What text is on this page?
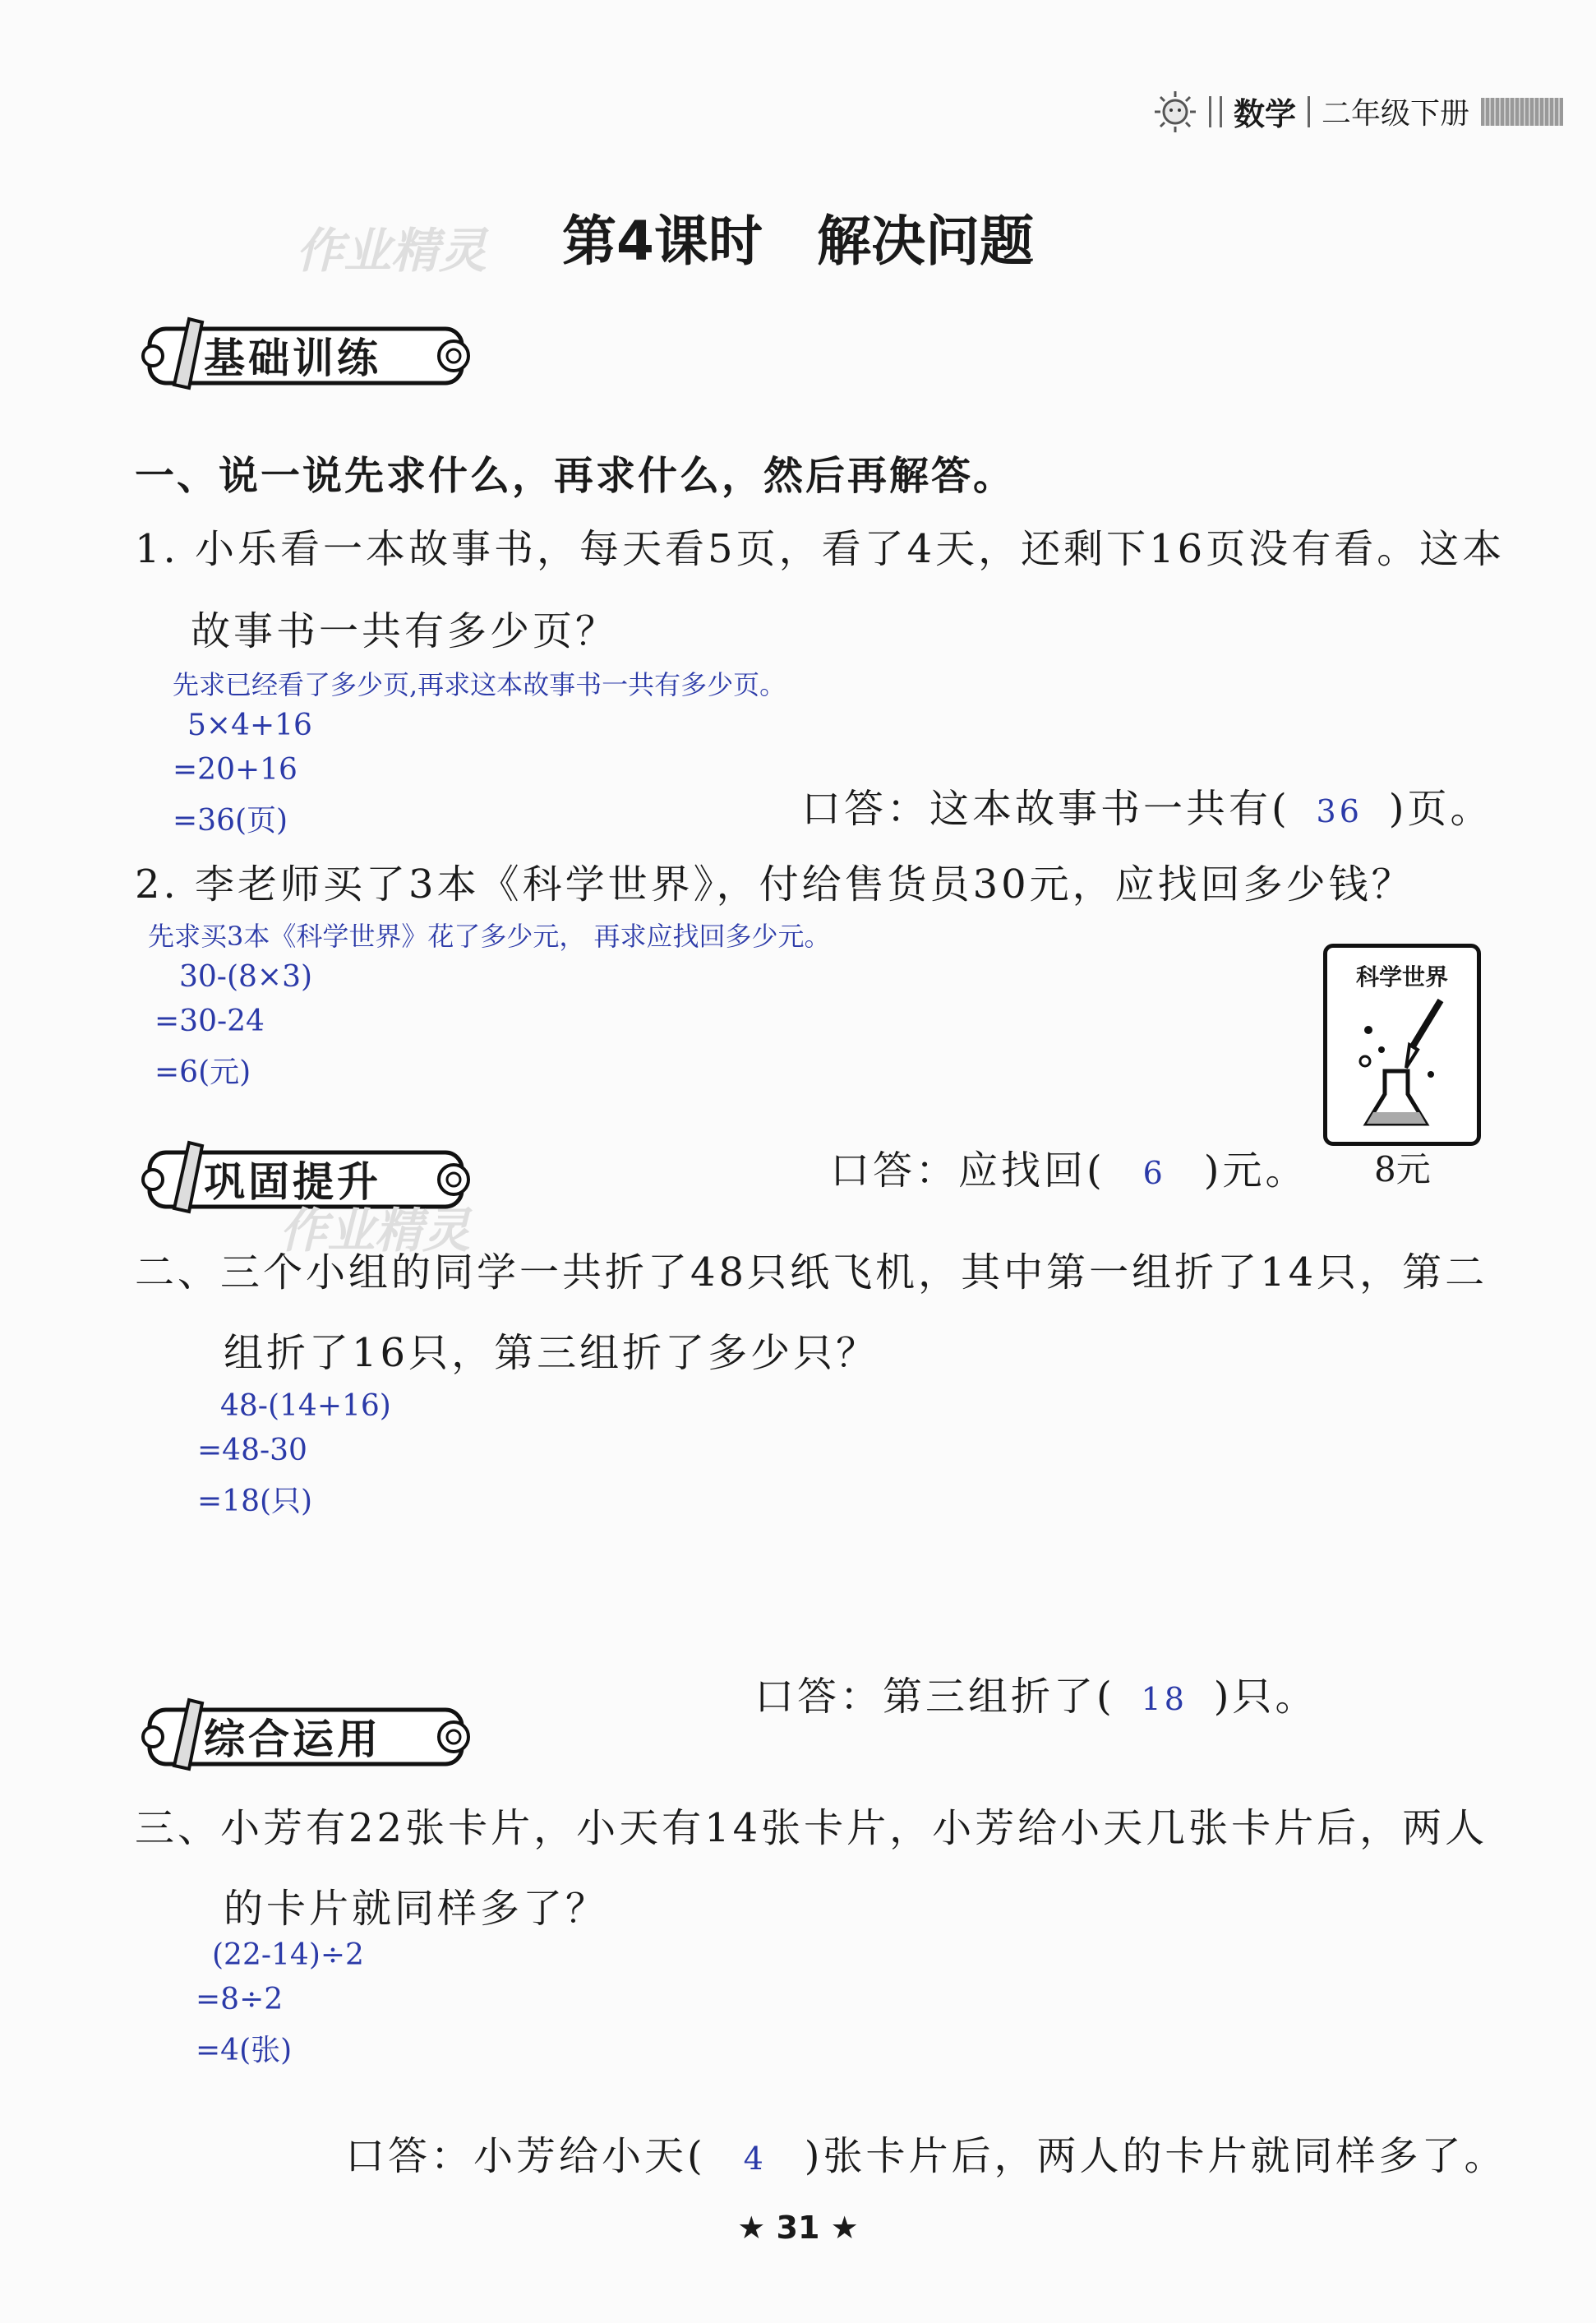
数学 二年级下册
作业精灵	第4课时　解决问题
基础训练
一、说一说先求什么，再求什么，然后再解答。
1. 小乐看一本故事书，每天看5页，看了4天，还剩下16页没有看。这本
故事书一共有多少页？
先求已经看了多少页,再求这本故事书一共有多少页。
5×4+16
=20+16
=36(页)	口答：这本故事书一共有( 36 )页。
2. 李老师买了3本《科学世界》，付给售货员30元，应找回多少钱？
先求买3本《科学世界》花了多少元， 再求应找回多少元。
30-(8×3)
=30-24
=6(元)
科学世界
8元
口答：应找回( 6 )元。
巩固提升
作业精灵
二、三个小组的同学一共折了48只纸飞机，其中第一组折了14只，第二
组折了16只，第三组折了多少只？
48-(14+16)
=48-30
=18(只)
口答：第三组折了( 18 )只。
综合运用
三、小芳有22张卡片，小天有14张卡片，小芳给小天几张卡片后，两人
的卡片就同样多了？
(22-14)÷2
=8÷2
=4(张)
口答：小芳给小天( 4 )张卡片后，两人的卡片就同样多了。
★ 31 ★
